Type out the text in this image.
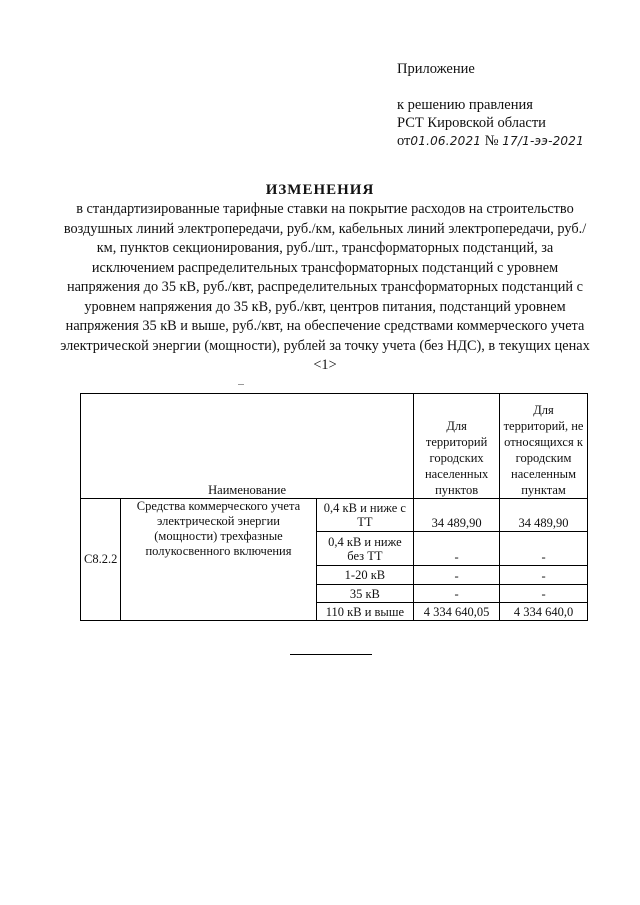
Приложение
к решению правления
РСТ Кировской области
от01.06.2021 № 17/1-ээ-2021
ИЗМЕНЕНИЯ
в стандартизированные тарифные ставки на покрытие расходов на строительство воздушных линий электропередачи, руб./км, кабельных линий электропередачи, руб./км, пунктов секционирования, руб./шт., трансформаторных подстанций, за исключением распределительных трансформаторных подстанций с уровнем напряжения до 35 кВ, руб./квт, распределительных трансформаторных подстанций с уровнем напряжения до 35 кВ, руб./квт, центров питания, подстанций уровнем напряжения 35 кВ и выше, руб./квт, на обеспечение средствами коммерческого учета электрической энергии (мощности), рублей за точку учета (без НДС), в текущих ценах <1>
Наименование			Для территорий городских населенных пунктов	Для территорий, не относящихся к городским населенным пунктам
С8.2.2	Средства коммерческого учета электрической энергии (мощности) трехфазные полукосвенного включения	0,4 кВ и ниже с ТТ	34 489,90	34 489,90
		0,4 кВ и ниже без ТТ	-	-
		1-20 кВ	-	-
		35 кВ	-	-
		110 кВ и выше	4 334 640,05	4 334 640,0
